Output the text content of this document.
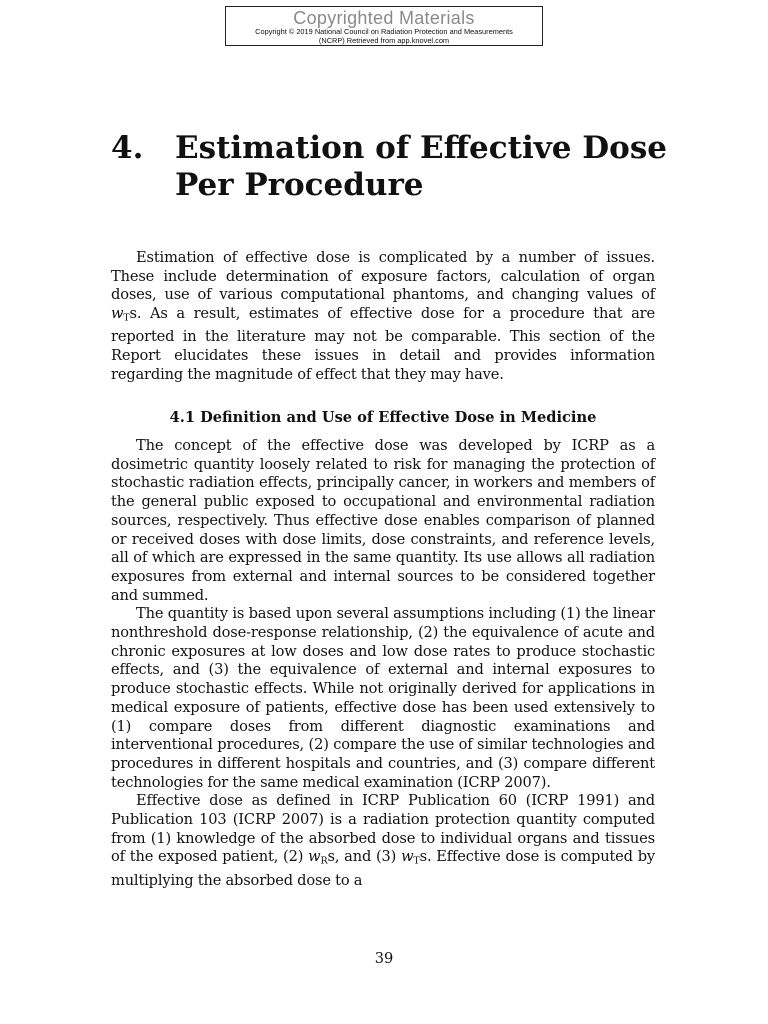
Copyrighted Materials
Copyright © 2019 National Council on Radiation Protection and Measurements
(NCRP) Retrieved from app.knovel.com
4. Estimation of Effective Dose Per Procedure

Estimation of effective dose is complicated by a number of issues. These include determination of exposure factors, calculation of organ doses, use of various computational phantoms, and changing values of $w_Ts$. As a result, estimates of effective dose for a procedure that are reported in the literature may not be comparable. This section of the Report elucidates these issues in detail and provides information regarding the magnitude of effect that they may have.

4.1 Definition and Use of Effective Dose in Medicine

The concept of the effective dose was developed by ICRP as a dosimetric quantity loosely related to risk for managing the protection of stochastic radiation effects, principally cancer, in workers and members of the general public exposed to occupational and environmental radiation sources, respectively. Thus effective dose enables comparison of planned or received doses with dose limits, dose constraints, and reference levels, all of which are expressed in the same quantity. Its use allows all radiation exposures from external and internal sources to be considered together and summed.

The quantity is based upon several assumptions including (1) the linear nonthreshold dose-response relationship, (2) the equivalence of acute and chronic exposures at low doses and low dose rates to produce stochastic effects, and (3) the equivalence of external and internal exposures to produce stochastic effects. While not originally derived for applications in medical exposure of patients, effective dose has been used extensively to (1) compare doses from different diagnostic examinations and interventional procedures, (2) compare the use of similar technologies and procedures in different hospitals and countries, and (3) compare different technologies for the same medical examination (ICRP 2007).

Effective dose as defined in ICRP Publication 60 (ICRP 1991) and Publication 103 (ICRP 2007) is a radiation protection quantity computed from (1) knowledge of the absorbed dose to individual organs and tissues of the exposed patient, (2) $w_Rs$, and (3) $w_Ts$. Effective dose is computed by multiplying the absorbed dose to a

39
